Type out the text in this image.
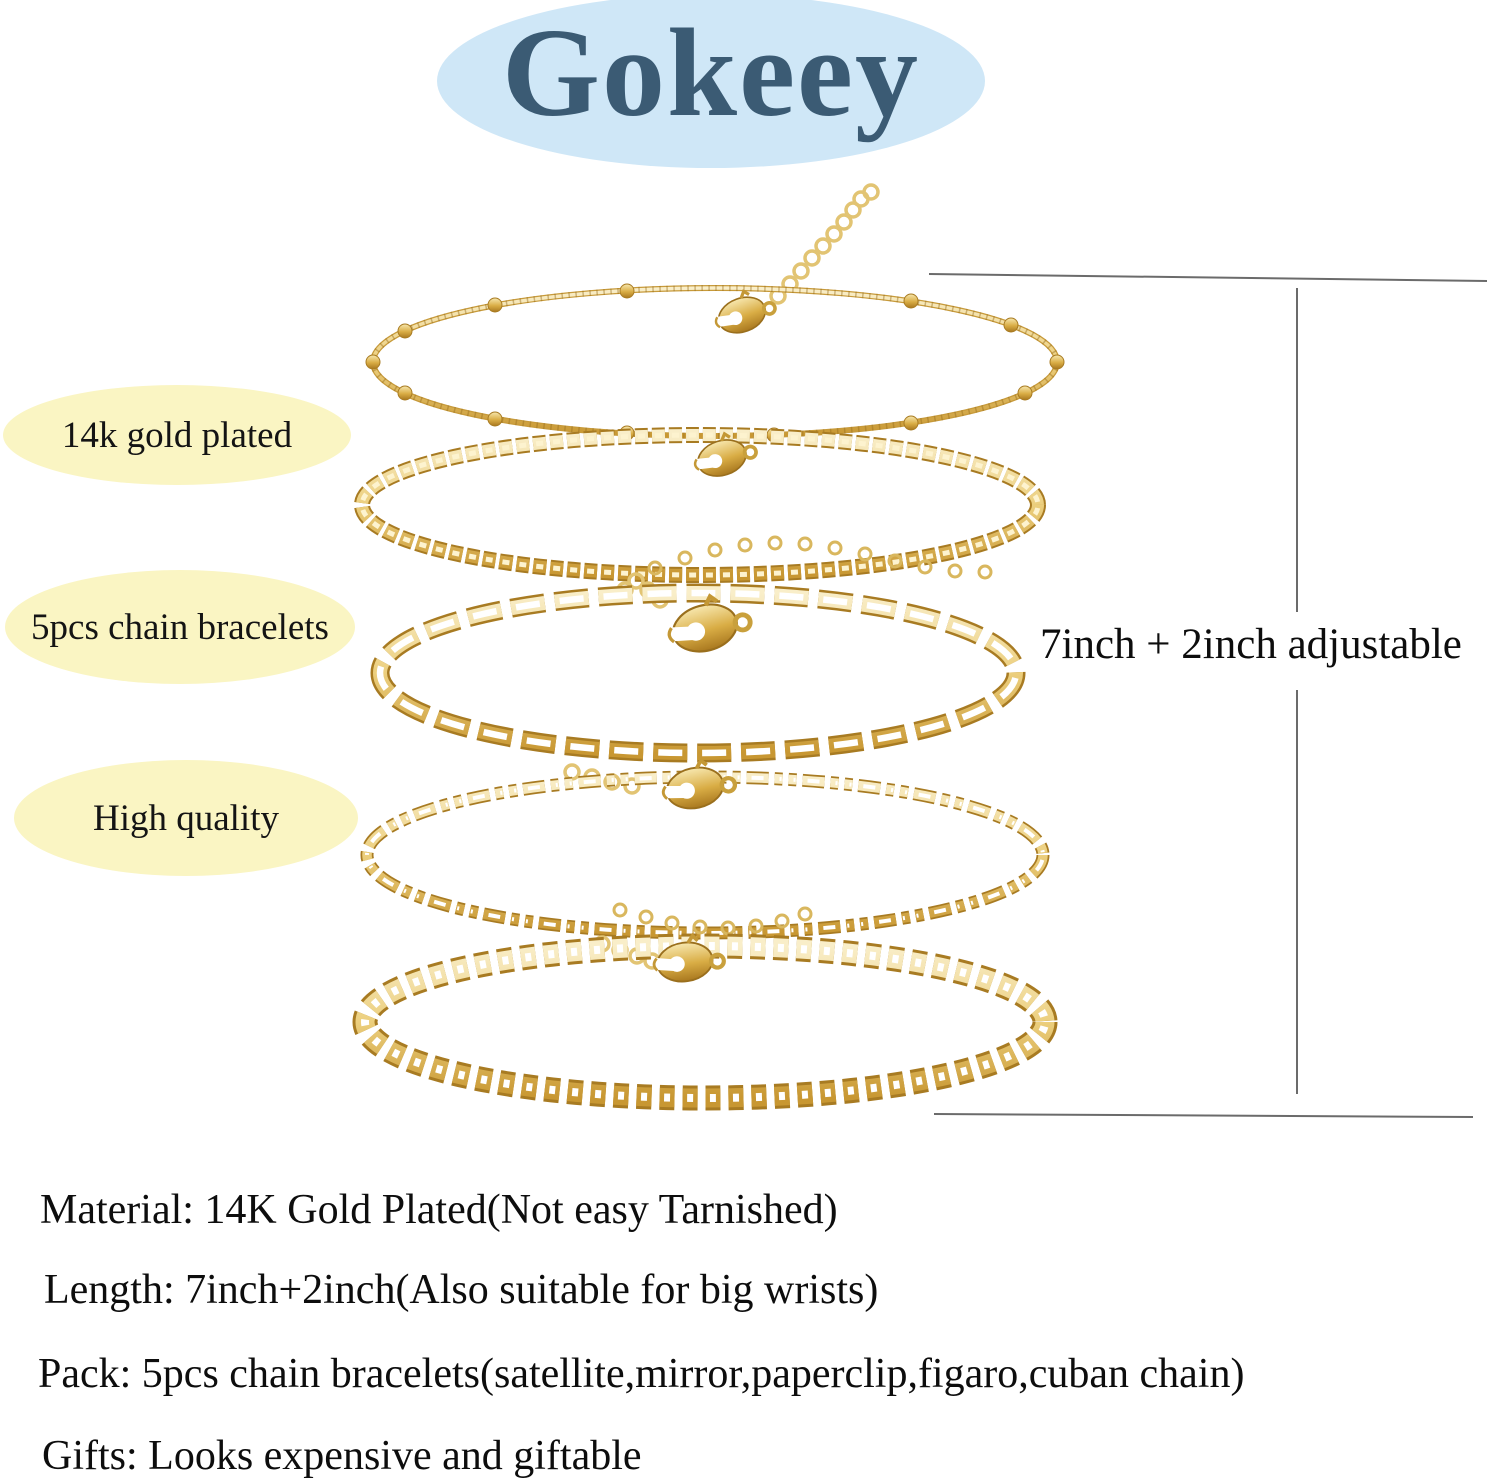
Gokeey
14k gold plated
5pcs chain bracelets
High quality
7inch + 2inch adjustable
Material: 14K Gold Plated(Not easy Tarnished)
Length: 7inch+2inch(Also suitable for big wrists)
Pack: 5pcs chain bracelets(satellite,mirror,paperclip,figaro,cuban chain)
Gifts: Looks expensive and giftable
